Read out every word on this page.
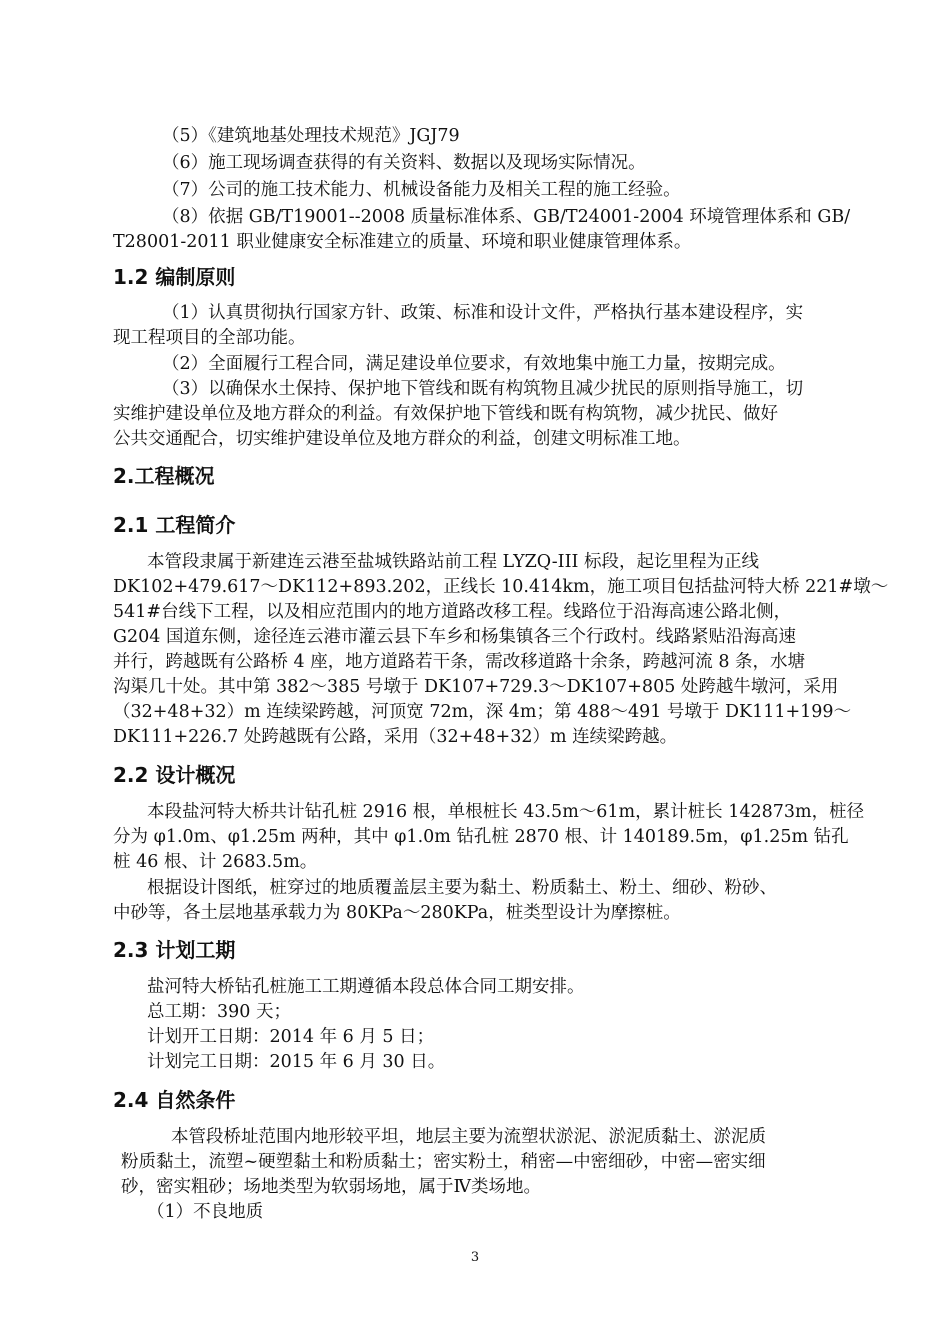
（5）《建筑地基处理技术规范》JGJ79

（6）施工现场调查获得的有关资料、数据以及现场实际情况。

（7）公司的施工技术能力、机械设备能力及相关工程的施工经验。

（8）依据 GB/T19001--2008 质量标准体系、GB/T24001-2004 环境管理体系和 GB/

T28001-2011 职业健康安全标准建立的质量、环境和职业健康管理体系。

1.2 编制原则

（1）认真贯彻执行国家方针、政策、标准和设计文件，严格执行基本建设程序，实

现工程项目的全部功能。

（2）全面履行工程合同，满足建设单位要求，有效地集中施工力量，按期完成。

（3）以确保水土保持、保护地下管线和既有构筑物且减少扰民的原则指导施工，切

实维护建设单位及地方群众的利益。有效保护地下管线和既有构筑物，减少扰民、做好

公共交通配合，切实维护建设单位及地方群众的利益，创建文明标准工地。

2.工程概况
2.1 工程简介

本管段隶属于新建连云港至盐城铁路站前工程 LYZQ-III 标段，起讫里程为正线

DK102+479.617～DK112+893.202，正线长 10.414km，施工项目包括盐河特大桥 221#墩～

541#台线下工程，以及相应范围内的地方道路改移工程。线路位于沿海高速公路北侧，

G204 国道东侧，途径连云港市灌云县下车乡和杨集镇各三个行政村。线路紧贴沿海高速

并行，跨越既有公路桥 4 座，地方道路若干条，需改移道路十余条，跨越河流 8 条，水塘

沟渠几十处。其中第 382～385 号墩于 DK107+729.3～DK107+805 处跨越牛墩河，采用

（32+48+32）m 连续梁跨越，河顶宽 72m，深 4m；第 488～491 号墩于 DK111+199～

DK111+226.7 处跨越既有公路，采用（32+48+32）m 连续梁跨越。

2.2 设计概况

本段盐河特大桥共计钻孔桩 2916 根，单根桩长 43.5m～61m，累计桩长 142873m，桩径

分为 φ1.0m、φ1.25m 两种，其中 φ1.0m 钻孔桩 2870 根、计 140189.5m，φ1.25m 钻孔

桩 46 根、计 2683.5m。

根据设计图纸，桩穿过的地质覆盖层主要为黏土、粉质黏土、粉土、细砂、粉砂、

中砂等，各土层地基承载力为 80KPa～280KPa，桩类型设计为摩擦桩。

2.3 计划工期

盐河特大桥钻孔桩施工工期遵循本段总体合同工期安排。

总工期：390 天；

计划开工日期：2014 年 6 月 5 日；

计划完工日期：2015 年 6 月 30 日。

2.4 自然条件

本管段桥址范围内地形较平坦，地层主要为流塑状淤泥、淤泥质黏土、淤泥质

粉质黏土，流塑~硬塑黏土和粉质黏土；密实粉土，稍密—中密细砂，中密—密实细

砂，密实粗砂；场地类型为软弱场地，属于Ⅳ类场地。

（1）不良地质

3
